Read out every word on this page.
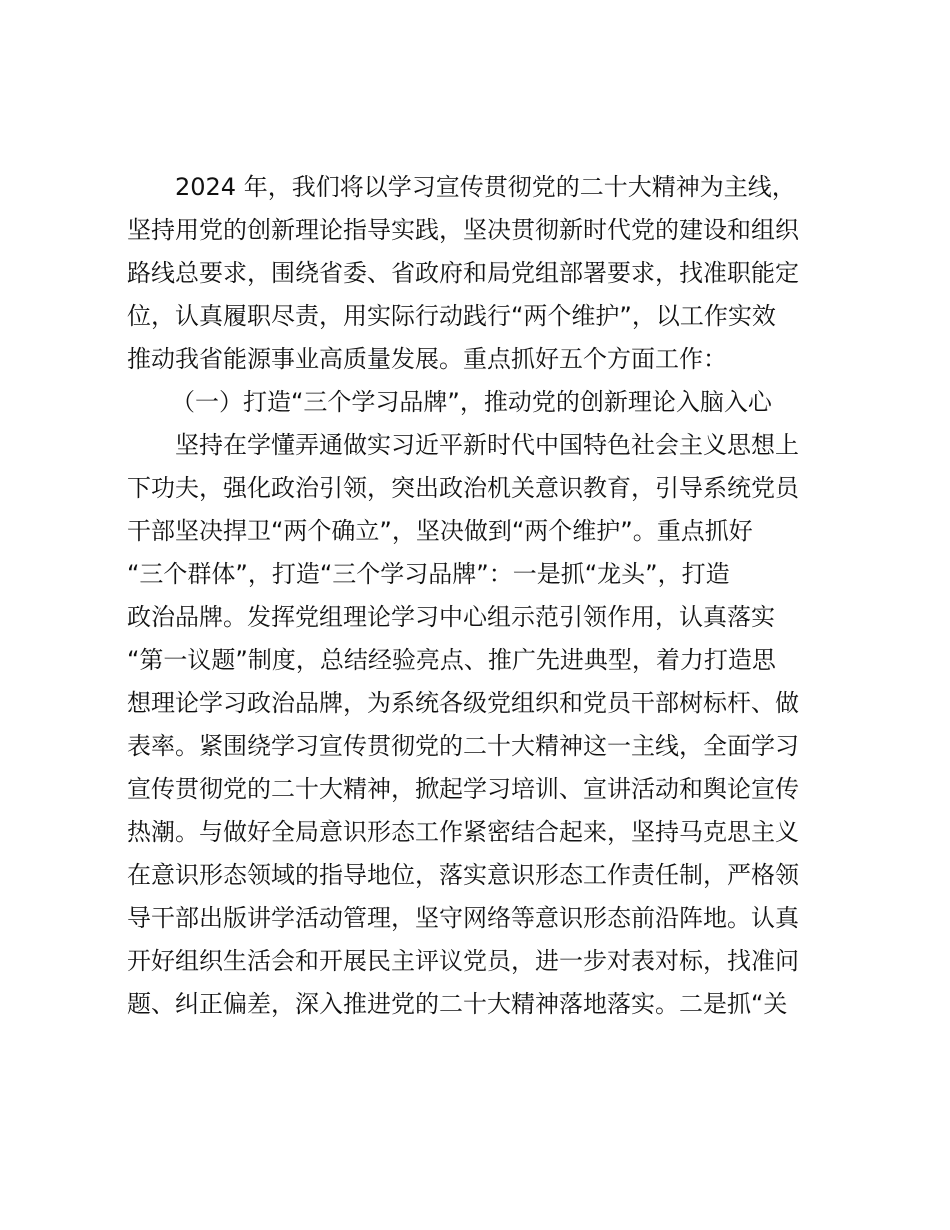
2024 年，我们将以学习宣传贯彻党的二十大精神为主线，
坚持用党的创新理论指导实践，坚决贯彻新时代党的建设和组织
路线总要求，围绕省委、省政府和局党组部署要求，找准职能定
位，认真履职尽责，用实际行动践行“两个维护”，以工作实效
推动我省能源事业高质量发展。重点抓好五个方面工作：
（一）打造“三个学习品牌”，推动党的创新理论入脑入心
坚持在学懂弄通做实习近平新时代中国特色社会主义思想上
下功夫，强化政治引领，突出政治机关意识教育，引导系统党员
干部坚决捍卫“两个确立”，坚决做到“两个维护”。重点抓好
“三个群体”，打造“三个学习品牌”：一是抓“龙头”，打造
政治品牌。发挥党组理论学习中心组示范引领作用，认真落实
“第一议题”制度，总结经验亮点、推广先进典型，着力打造思
想理论学习政治品牌，为系统各级党组织和党员干部树标杆、做
表率。紧围绕学习宣传贯彻党的二十大精神这一主线，全面学习
宣传贯彻党的二十大精神，掀起学习培训、宣讲活动和舆论宣传
热潮。与做好全局意识形态工作紧密结合起来，坚持马克思主义
在意识形态领域的指导地位，落实意识形态工作责任制，严格领
导干部出版讲学活动管理，坚守网络等意识形态前沿阵地。认真
开好组织生活会和开展民主评议党员，进一步对表对标，找准问
题、纠正偏差，深入推进党的二十大精神落地落实。二是抓“关
